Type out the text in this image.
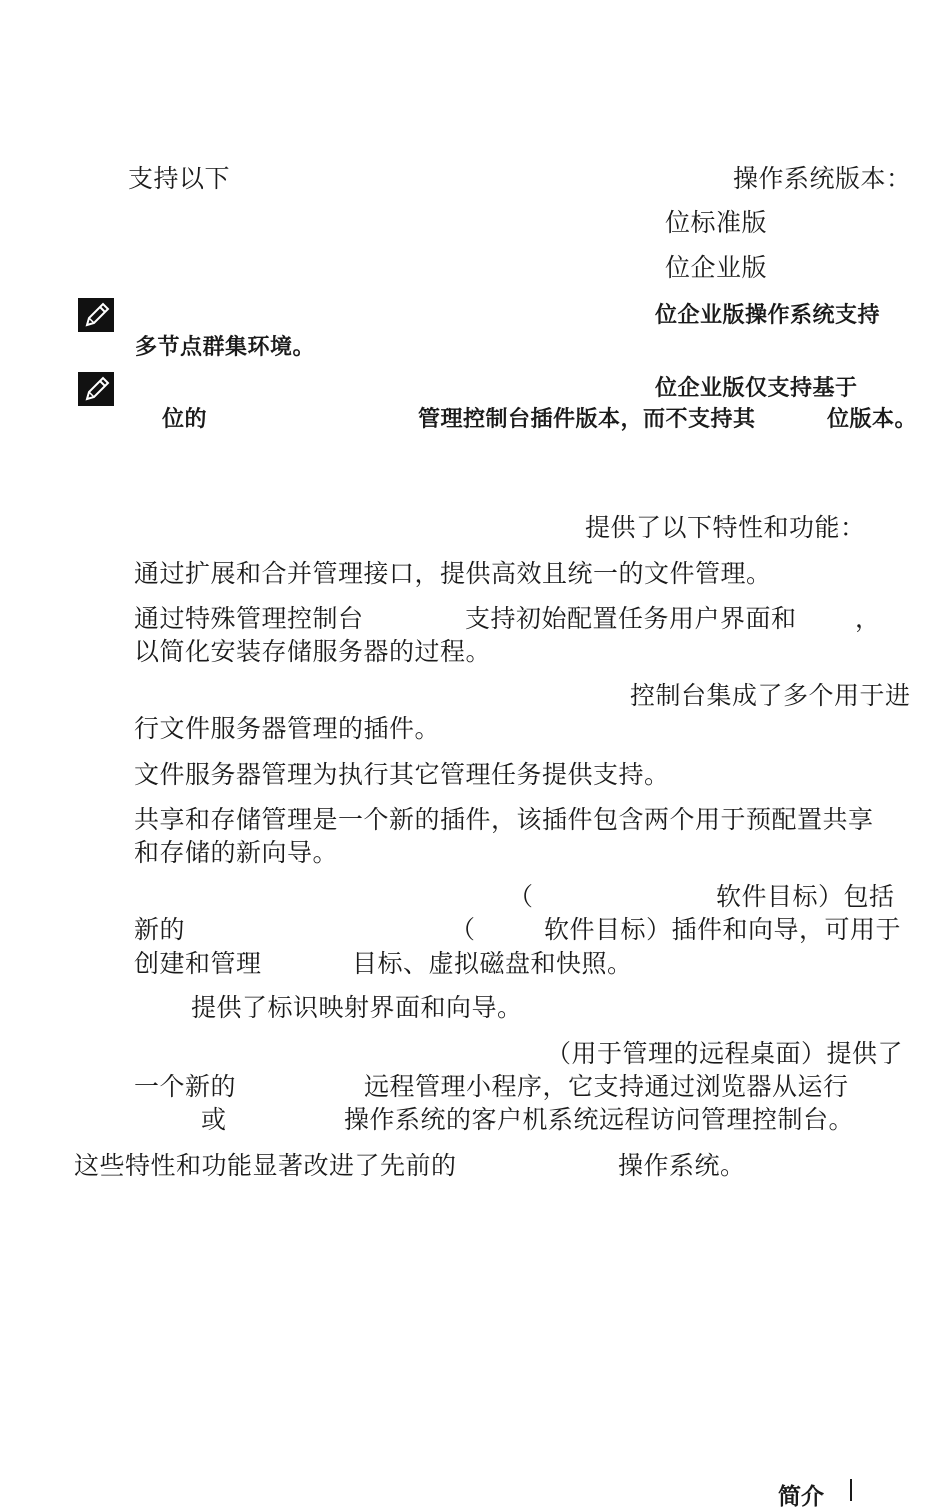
支持以下	操作系统版本：
位标准版
位企业版
位企业版操作系统支持
多节点群集环境。
位企业版仅支持基于
位的	管理控制台插件版本，而不支持其	位版本。
提供了以下特性和功能：
通过扩展和合并管理接口，提供高效且统一的文件管理。
通过特殊管理控制台	支持初始配置任务用户界面和 ，
以简化安装存储服务器的过程。
控制台集成了多个用于进
行文件服务器管理的插件。
文件服务器管理为执行其它管理任务提供支持。
共享和存储管理是一个新的插件，该插件包含两个用于预配置共享
和存储的新向导。
（	软件目标）包括
新的	（	软件目标）插件和向导，可用于
创建和管理	目标、虚拟磁盘和快照。
提供了标识映射界面和向导。
（用于管理的远程桌面）提供了
一个新的	远程管理小程序，它支持通过浏览器从运行
或	操作系统的客户机系统远程访问管理控制台。
这些特性和功能显著改进了先前的	操作系统。
简介
